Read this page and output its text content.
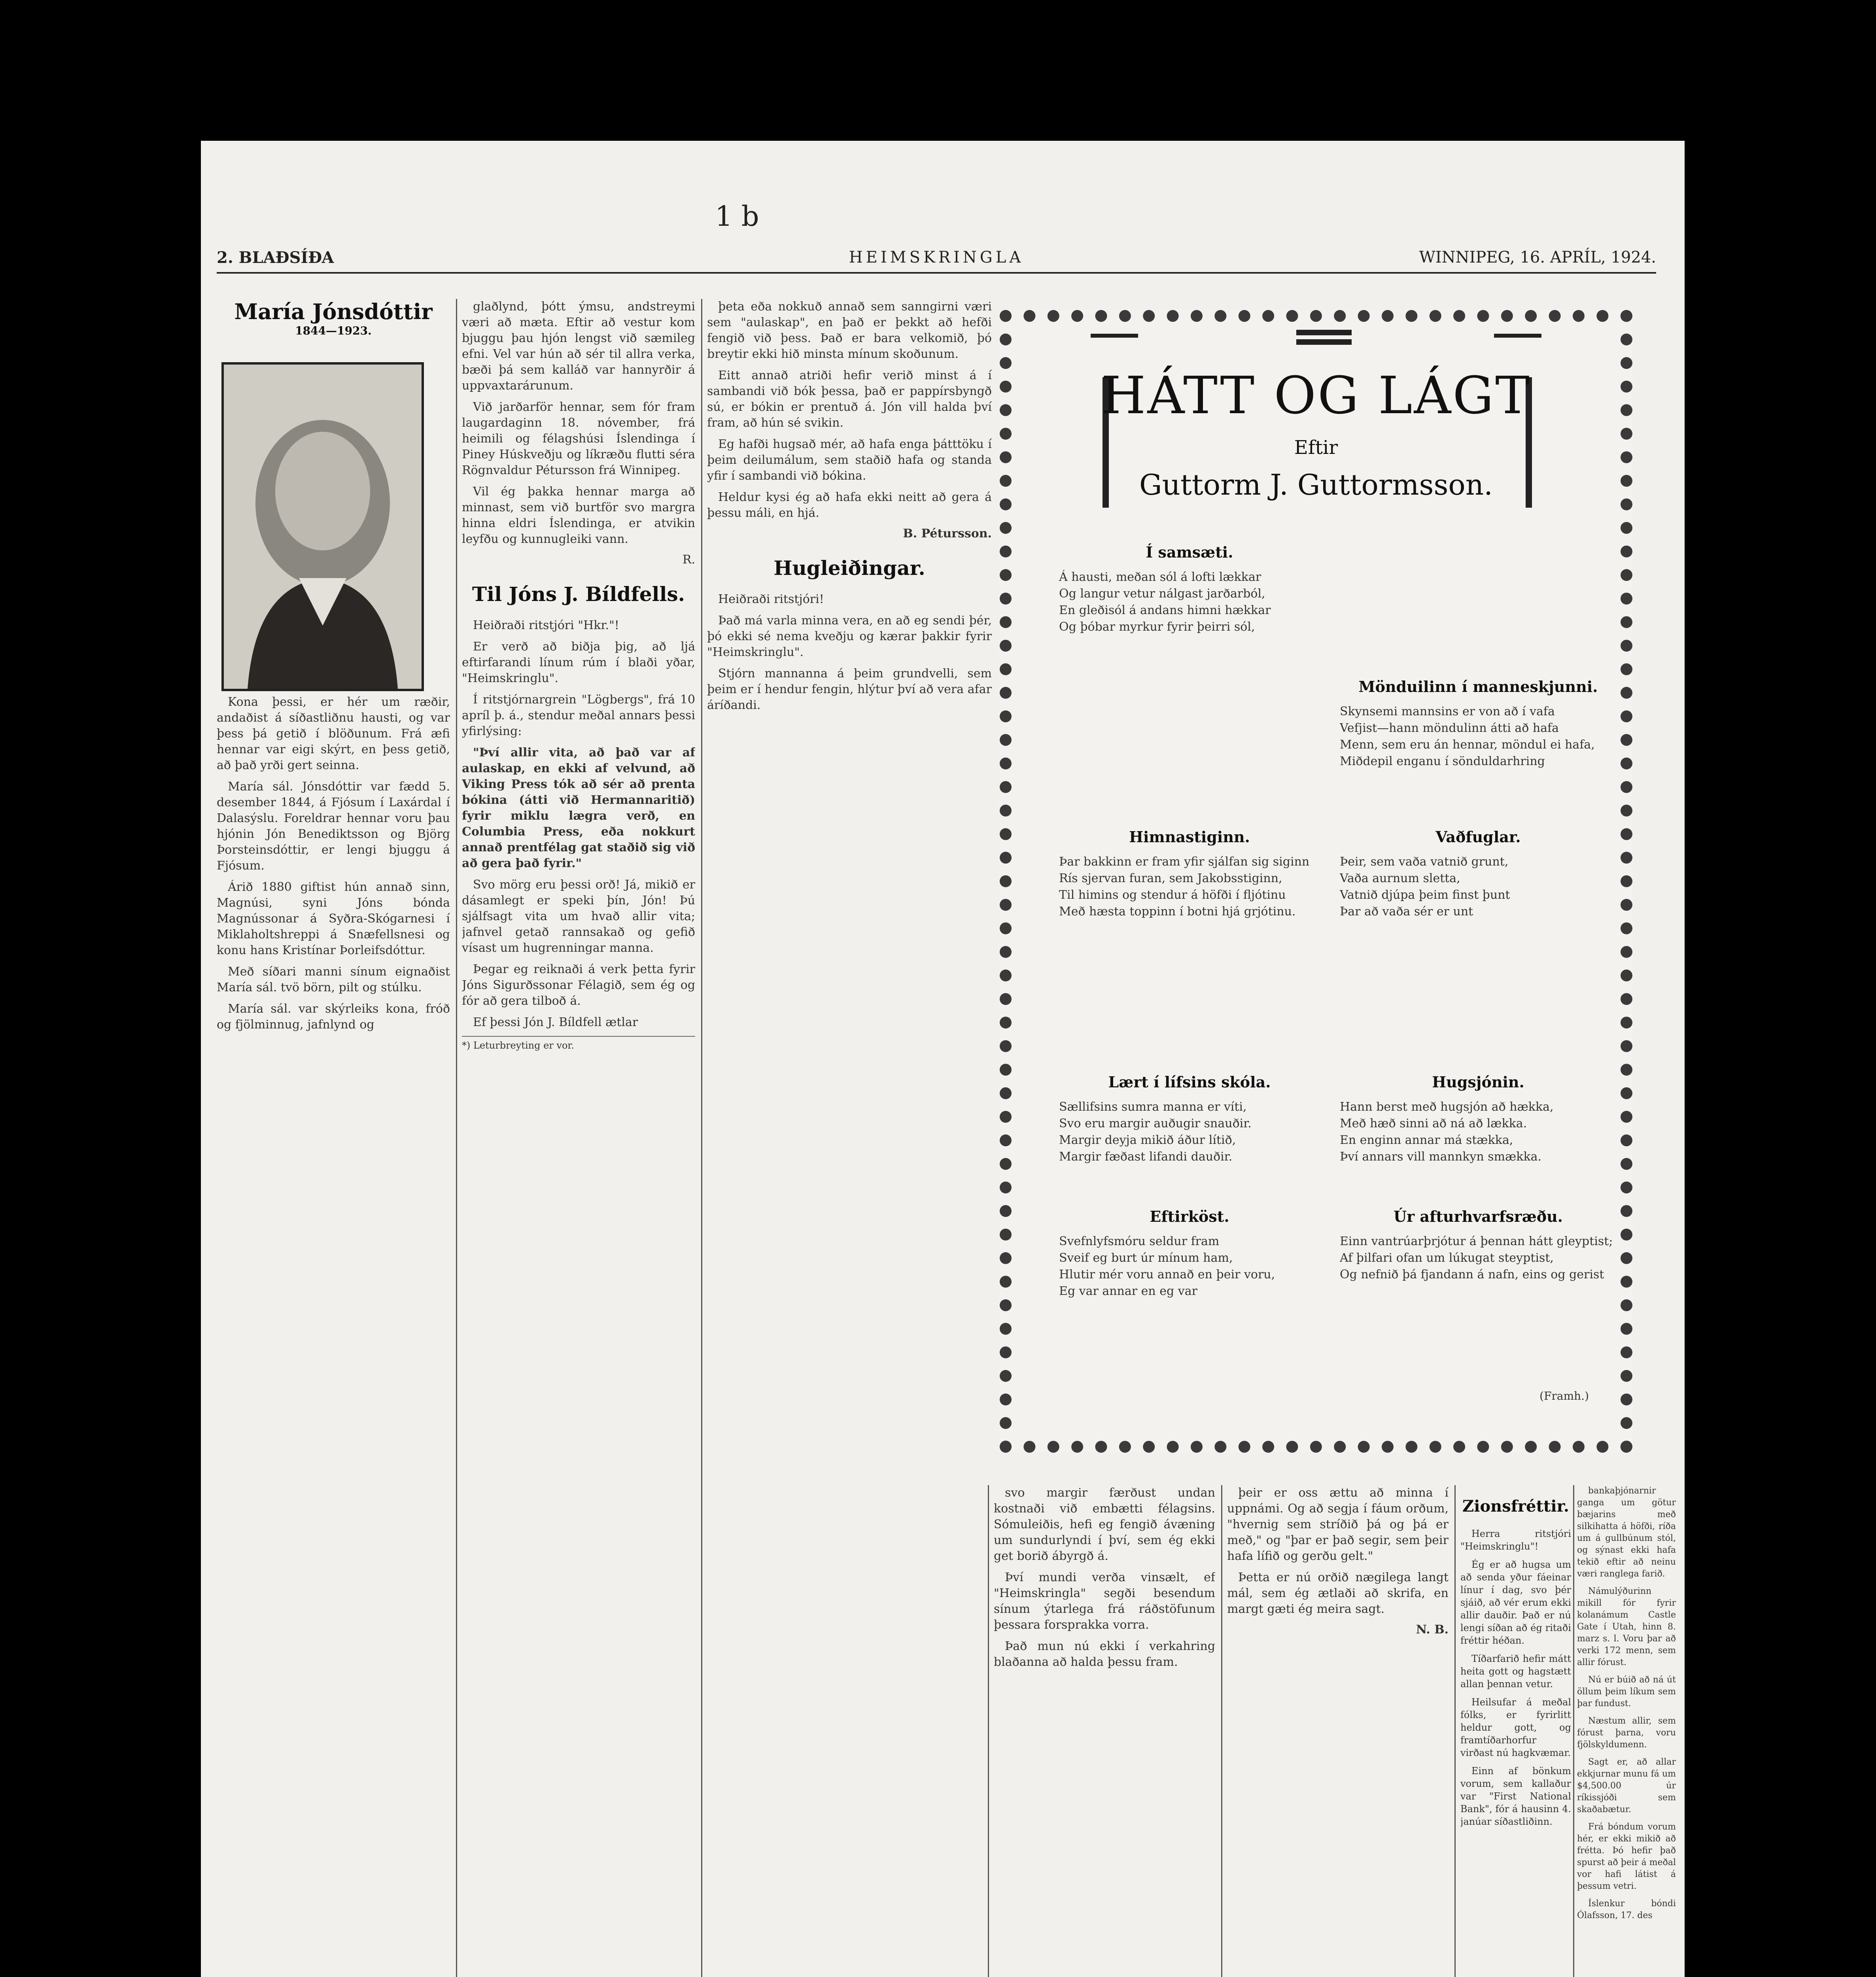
1 b
2. BLAÐSÍÐA	HEIMSKRINGLA	WINNIPEG, 16. APRÍL, 1924.
María Jónsdóttir
1844—1923.

Kona þessi, er hér um ræðir, andaðist á síðastliðnu hausti, og var þess þá getið í blöðunum. Frá æfi hennar var eigi skýrt, en þess getið, að það yrði gert seinna.

María sál. Jónsdóttir var fædd 5. desember 1844, á Fjósum í Laxárdal í Dalasýslu. Foreldrar hennar voru þau hjónin Jón Benediktsson og Björg Þorsteinsdóttir, er lengi bjuggu á Fjósum.

Árið 1880 giftist hún annað sinn, Magnúsi, syni Jóns bónda Magnússonar á Syðra-Skógarnesi í Miklaholtshreppi á Snæfellsnesi og konu hans Kristínar Þorleifsdóttur.

Með síðari manni sínum eignaðist María sál. tvö börn, pilt og stúlku.

María sál. var skýrleiks kona, fróð og fjölminnug, jafnlynd og

glaðlynd, þótt ýmsu, andstreymi væri að mæta. Eftir að vestur kom bjuggu þau hjón lengst við sæmileg efni. Vel var hún að sér til allra verka, bæði þá sem kalláð var hannyrðir á uppvaxtarárunum.

Við jarðarför hennar, sem fór fram laugardaginn 18. nóvember, frá heimili og félagshúsi Íslendinga í Piney Húskveðju og líkræðu flutti séra Rögnvaldur Pétursson frá Winnipeg.

Vil ég þakka hennar marga að minnast, sem við burtför svo margra hinna eldri Íslendinga, er atvikin leyfðu og kunnugleiki vann.

R.
Til Jóns J. Bíldfells.

Heiðraði ritstjóri "Hkr."!

Er verð að biðja þig, að ljá eftirfarandi línum rúm í blaði yðar, "Heimskringlu".

Í ritstjórnargrein "Lögbergs", frá 10 apríl þ. á., stendur meðal annars þessi yfirlýsing:

"Því allir vita, að það var af aulaskap, en ekki af velvund, að Viking Press tók að sér að prenta bókina (átti við Hermannaritið) fyrir miklu lægra verð, en Columbia Press, eða nokkurt annað prentfélag gat staðið sig við að gera það fyrir."

Svo mörg eru þessi orð! Já, mikið er dásamlegt er speki þín, Jón! Þú sjálfsagt vita um hvað allir vita; jafnvel getað rannsakað og gefið vísast um hugrenningar manna.

Þegar eg reiknaði á verk þetta fyrir Jóns Sigurðssonar Félagið, sem ég og fór að gera tilboð á.

Ef þessi Jón J. Bíldfell ætlar

*) Leturbreyting er vor.

þeta eða nokkuð annað sem sanngirni væri sem "aulaskap", en það er þekkt að hefði fengið við þess. Það er bara velkomið, þó breytir ekki hið minsta mínum skoðunum.

Eitt annað atriði hefir verið minst á í sambandi við bók þessa, það er pappírsbyngð sú, er bókin er prentuð á. Jón vill halda því fram, að hún sé svikin.

Eg hafði hugsað mér, að hafa enga þátttöku í þeim deilumálum, sem staðið hafa og standa yfir í sambandi við bókina.

Heldur kysi ég að hafa ekki neitt að gera á þessu máli, en hjá.

B. Pétursson.
Hugleiðingar.

Heiðraði ritstjóri!

Það má varla minna vera, en að eg sendi þér, þó ekki sé nema kveðju og kærar þakkir fyrir "Heimskringlu".

Stjórn mannanna á þeim grundvelli, sem þeim er í hendur fengin, hlýtur því að vera afar áríðandi.

HÁTT OG LÁGT
Eftir
Guttorm J. Guttormsson.
Í samsæti.
Á hausti, meðan sól á lofti lækkar
Og langur vetur nálgast jarðarból,
En gleðisól á andans himni hækkar
Og þóbar myrkur fyrir þeirri sól,
Himnastiginn.
Þar bakkinn er fram yfir sjálfan sig siginn
Rís sjervan furan, sem Jakobsstiginn,
Til himins og stendur á höfði í fljótinu
Með hæsta toppinn í botni hjá grjótinu.
Lært í lífsins skóla.
Sællifsins sumra manna er víti,
Svo eru margir auðugir snauðir.
Margir deyja mikið áður lítið,
Margir fæðast lifandi dauðir.
Eftirköst.
Svefnlyfsmóru seldur fram
Sveif eg burt úr mínum ham,
Hlutir mér voru annað en þeir voru,
Eg var annar en eg var
Mönduilinn í manneskjunni.
Skynsemi mannsins er von að í vafa
Vefjist—hann möndulinn átti að hafa
Menn, sem eru án hennar, möndul ei hafa,
Miðdepil enganu í sönduldarhring
Vaðfuglar.
Þeir, sem vaða vatnið grunt,
Vaða aurnum sletta,
Vatnið djúpa þeim finst þunt
Þar að vaða sér er unt
Hugsjónin.
Hann berst með hugsjón að hækka,
Með hæð sinni að ná að lækka.
En enginn annar má stækka,
Því annars vill mannkyn smækka.
Úr afturhvarfsræðu.
Einn vantrúarþrjótur á þennan hátt gleyptist;
Af þilfari ofan um lúkugat steyptist,
Og nefnið þá fjandann á nafn, eins og gerist
(Framh.)

svo margir færðust undan kostnaði við embætti félagsins. Sómuleiðis, hefi eg fengið ávæning um sundurlyndi í því, sem ég ekki get borið ábyrgð á.

Því mundi verða vinsælt, ef "Heimskringla" segði besendum sínum ýtarlega frá ráðstöfunum þessara forsprakka vorra.

Það mun nú ekki í verkahring blaðanna að halda þessu fram.

þeir er oss ættu að minna í uppnámi. Og að segja í fáum orðum, "hvernig sem stríðið þá og þá er með," og "þar er það segir, sem þeir hafa lífið og gerðu gelt."

Þetta er nú orðið nægilega langt mál, sem ég ætlaði að skrifa, en margt gæti ég meira sagt.

N. B.
Zionsfréttir.

Herra ritstjóri "Heimskringlu"!

Ég er að hugsa um að senda yður fáeinar línur í dag, svo þér sjáið, að vér erum ekki allir dauðir. Það er nú lengi síðan að ég ritaði fréttir héðan.

Tíðarfarið hefir mátt heita gott og hagstætt allan þennan vetur.

Heilsufar á meðal fólks, er fyrirlitt heldur gott, og framtíðarhorfur virðast nú hagkvæmar.

Einn af bönkum vorum, sem kallaður var "First National Bank", fór á hausinn 4. janúar síðastliðinn.

bankaþjónarnir ganga um götur bæjarins með silkihatta á höfði, ríða um á gullbúnum stól, og sýnast ekki hafa tekið eftir að neinu væri ranglega farið.

Námulýðurinn mikill fór fyrir kolanámum Castle Gate í Utah, hinn 8. marz s. l. Voru þar að verki 172 menn, sem allir fórust.

Nú er búið að ná út öllum þeim líkum sem þar fundust.

Næstum allir, sem fórust þarna, voru fjölskyldumenn.

Sagt er, að allar ekkjurnar munu fá um $4,500.00 úr ríkissjóði sem skaðabætur.

Frá bóndum vorum hér, er ekki mikið að frétta. Þó hefir það spurst að þeir á meðal vor hafi látist á þessum vetri.

Íslenkur bóndi Ólafsson, 17. des
